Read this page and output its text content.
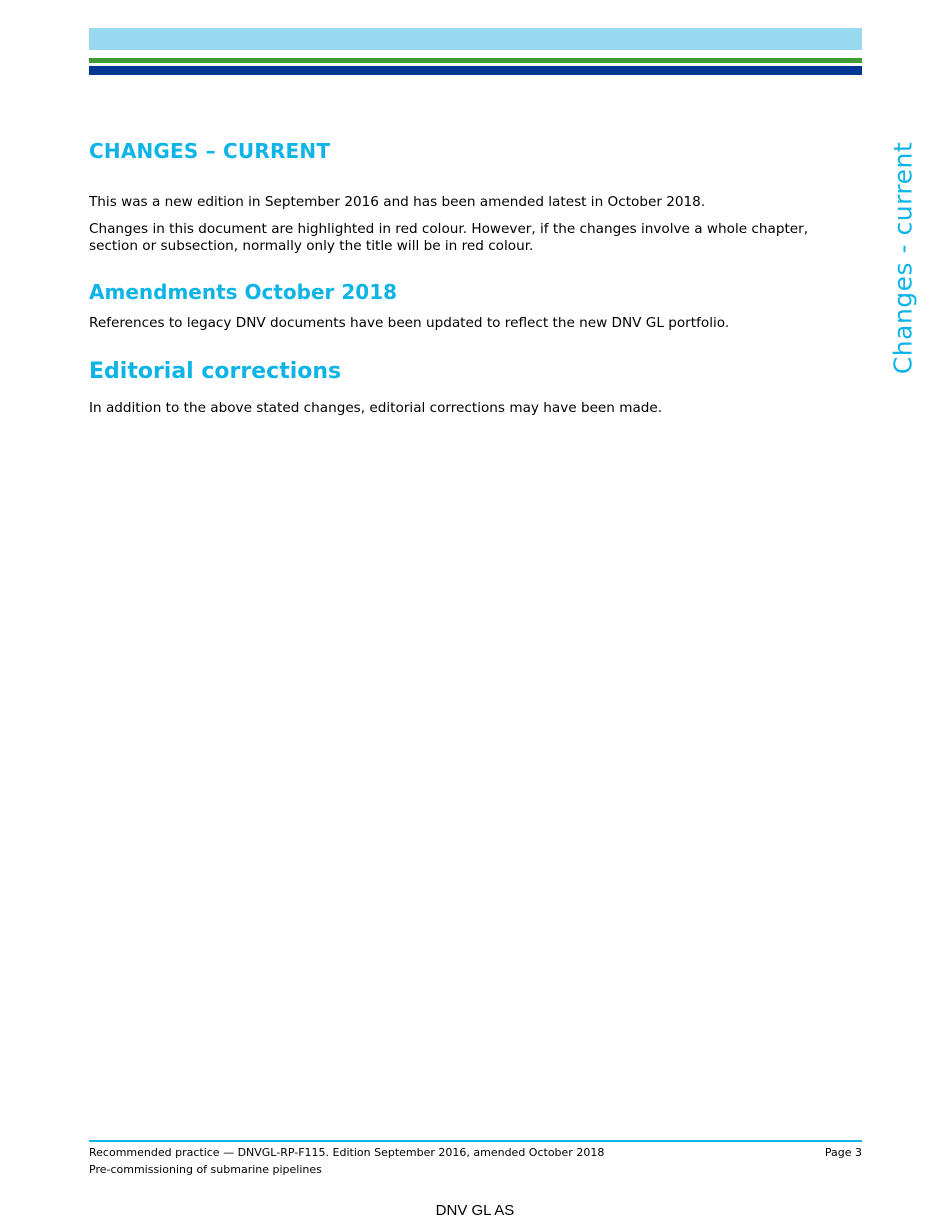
Changes - current
CHANGES – CURRENT

This was a new edition in September 2016 and has been amended latest in October 2018.

Changes in this document are highlighted in red colour. However, if the changes involve a whole chapter, section or subsection, normally only the title will be in red colour.

Amendments October 2018

References to legacy DNV documents have been updated to reflect the new DNV GL portfolio.

Editorial corrections

In addition to the above stated changes, editorial corrections may have been made.

Recommended practice — DNVGL-RP-F115. Edition September 2016, amended October 2018	Page 3
Pre-commissioning of submarine pipelines
DNV GL AS
